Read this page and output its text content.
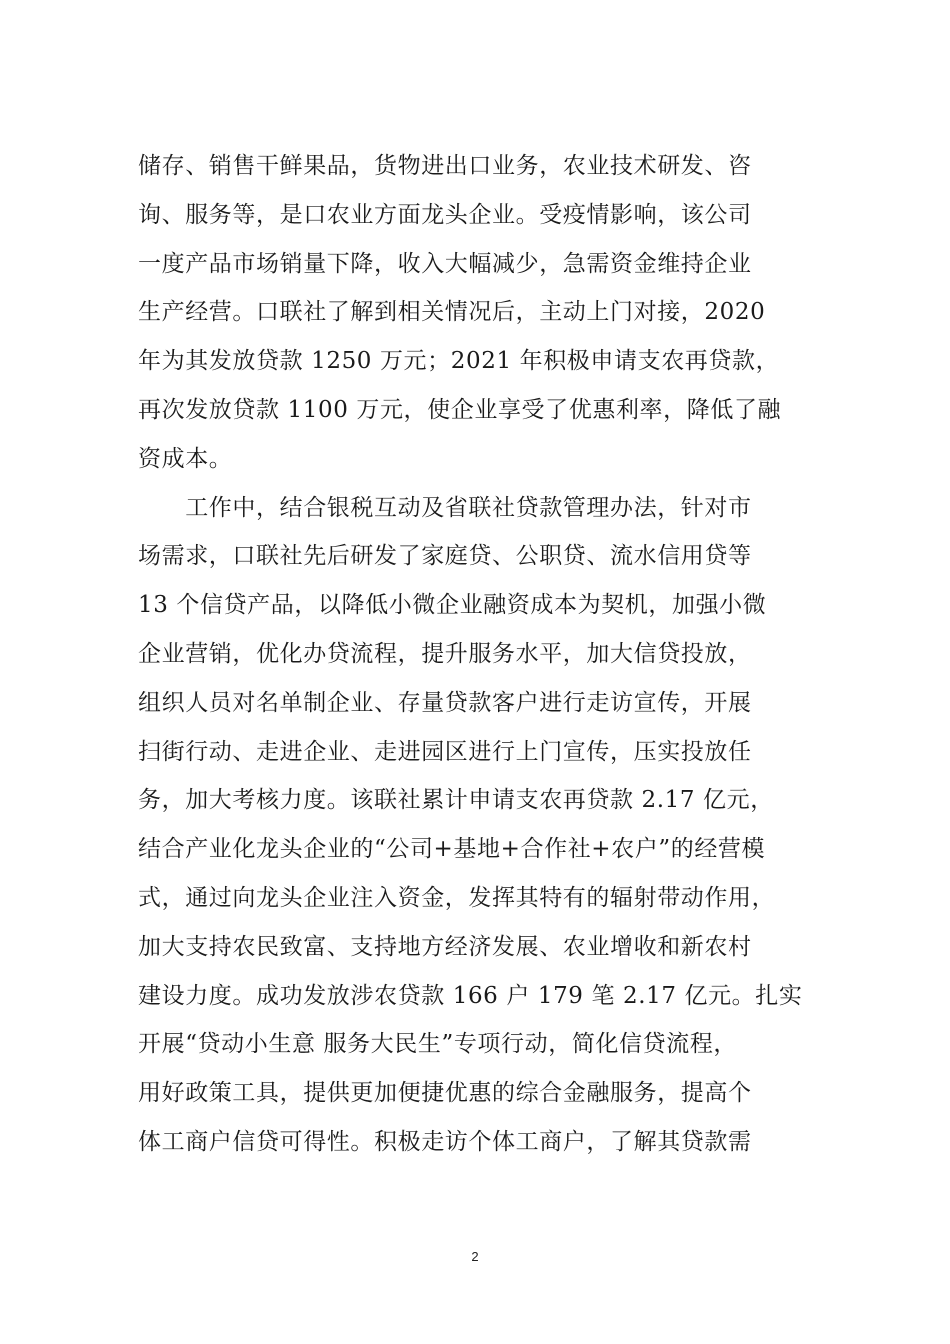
储存、销售干鲜果品，货物进出口业务，农业技术研发、咨
询、服务等，是口农业方面龙头企业。受疫情影响，该公司
一度产品市场销量下降，收入大幅减少，急需资金维持企业
生产经营。口联社了解到相关情况后，主动上门对接，2020
年为其发放贷款 1250 万元；2021 年积极申请支农再贷款，
再次发放贷款 1100 万元，使企业享受了优惠利率，降低了融
资成本。
　　工作中，结合银税互动及省联社贷款管理办法，针对市
场需求，口联社先后研发了家庭贷、公职贷、流水信用贷等
13 个信贷产品，以降低小微企业融资成本为契机，加强小微
企业营销，优化办贷流程，提升服务水平，加大信贷投放，
组织人员对名单制企业、存量贷款客户进行走访宣传，开展
扫街行动、走进企业、走进园区进行上门宣传，压实投放任
务，加大考核力度。该联社累计申请支农再贷款 2.17 亿元，
结合产业化龙头企业的“公司+基地+合作社+农户”的经营模
式，通过向龙头企业注入资金，发挥其特有的辐射带动作用，
加大支持农民致富、支持地方经济发展、农业增收和新农村
建设力度。成功发放涉农贷款 166 户 179 笔 2.17 亿元。扎实
开展“贷动小生意 服务大民生”专项行动，简化信贷流程，
用好政策工具，提供更加便捷优惠的综合金融服务，提高个
体工商户信贷可得性。积极走访个体工商户，了解其贷款需
2
